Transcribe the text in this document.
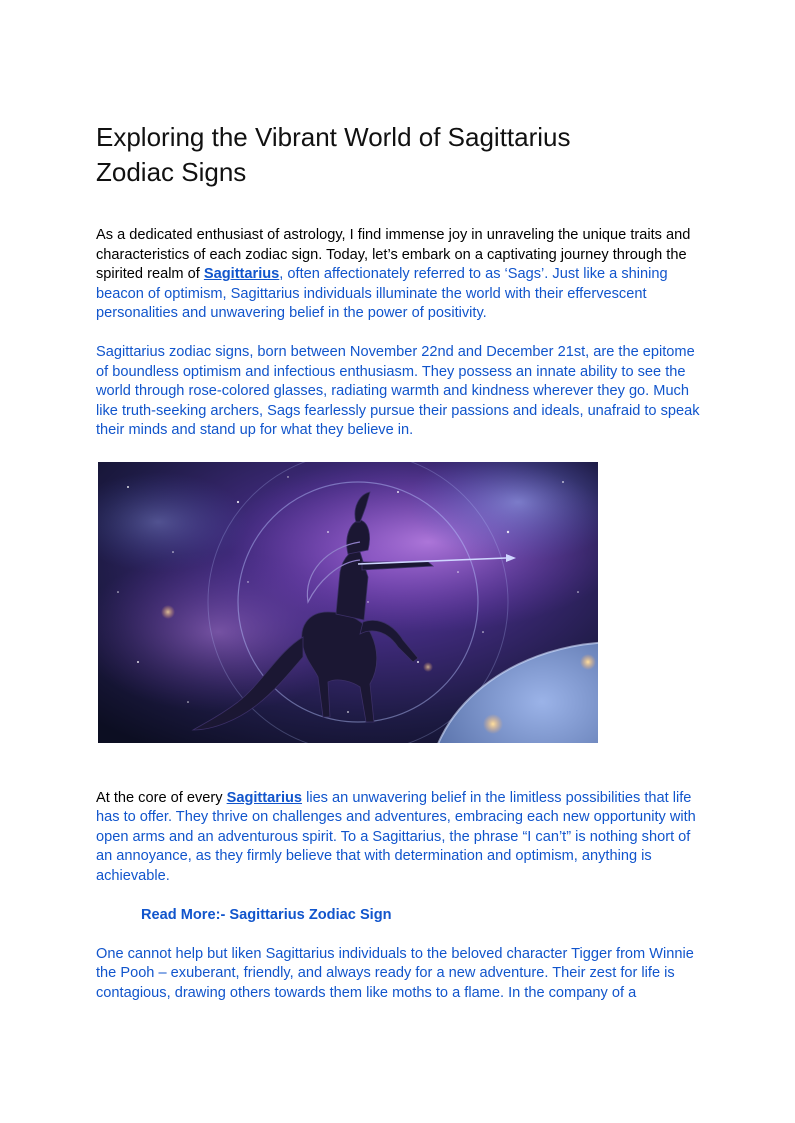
Exploring the Vibrant World of Sagittarius
Zodiac Signs

As a dedicated enthusiast of astrology, I find immense joy in unraveling the unique traits and characteristics of each zodiac sign. Today, let’s embark on a captivating journey through the spirited realm of Sagittarius, often affectionately referred to as ‘Sags’. Just like a shining beacon of optimism, Sagittarius individuals illuminate the world with their effervescent personalities and unwavering belief in the power of positivity.

Sagittarius zodiac signs, born between November 22nd and December 21st, are the epitome of boundless optimism and infectious enthusiasm. They possess an innate ability to see the world through rose-colored glasses, radiating warmth and kindness wherever they go. Much like truth-seeking archers, Sags fearlessly pursue their passions and ideals, unafraid to speak their minds and stand up for what they believe in.

At the core of every Sagittarius lies an unwavering belief in the limitless possibilities that life has to offer. They thrive on challenges and adventures, embracing each new opportunity with open arms and an adventurous spirit. To a Sagittarius, the phrase “I can’t” is nothing short of an annoyance, as they firmly believe that with determination and optimism, anything is achievable.

Read More:- Sagittarius Zodiac Sign

One cannot help but liken Sagittarius individuals to the beloved character Tigger from Winnie the Pooh – exuberant, friendly, and always ready for a new adventure. Their zest for life is contagious, drawing others towards them like moths to a flame. In the company of a
